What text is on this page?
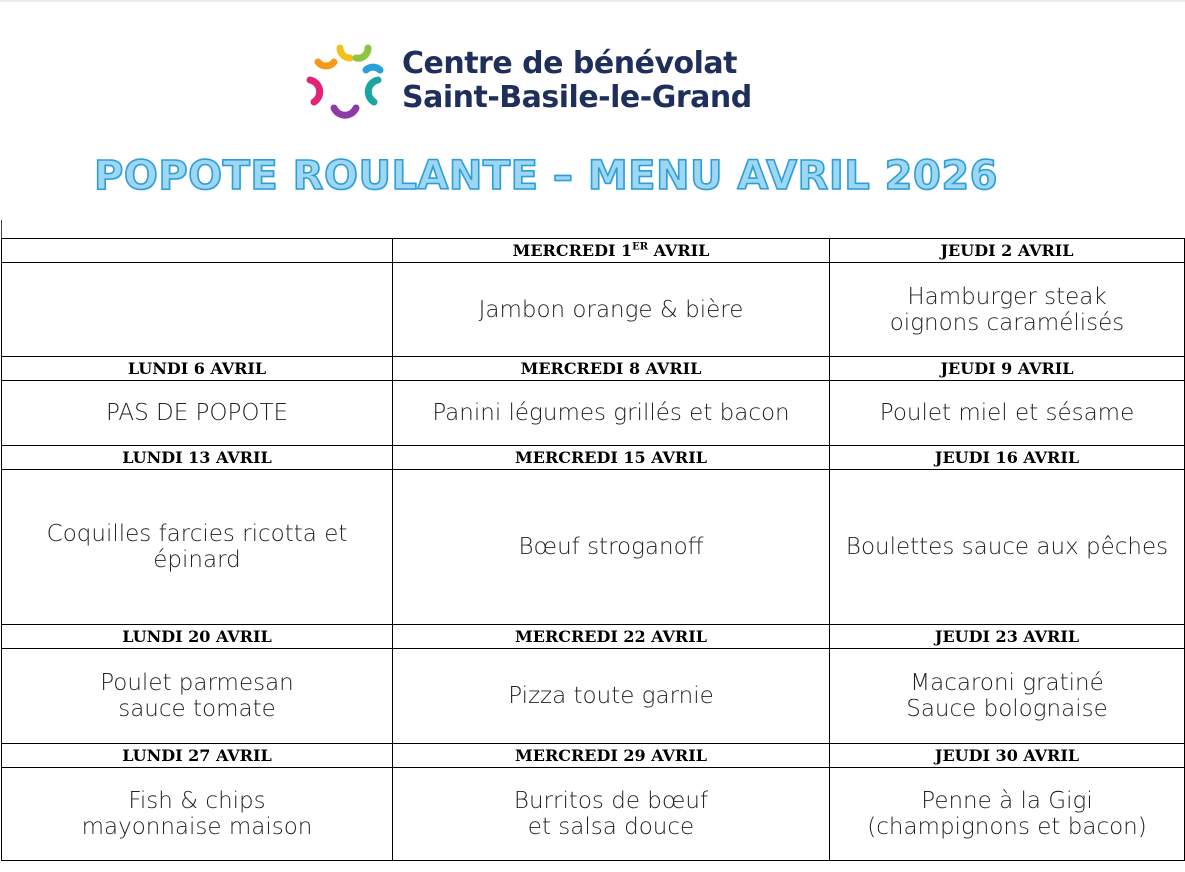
Centre de bénévolat
Saint-Basile-le-Grand
POPOTE ROULANTE – MENU AVRIL 2026
	MERCREDI 1ER AVRIL	JEUDI 2 AVRIL
	Jambon orange & bière	Hamburger steak
oignons caramélisés
LUNDI 6 AVRIL	MERCREDI 8 AVRIL	JEUDI 9 AVRIL
PAS DE POPOTE	Panini légumes grillés et bacon	Poulet miel et sésame
LUNDI 13 AVRIL	MERCREDI 15 AVRIL	JEUDI 16 AVRIL
Coquilles farcies ricotta et
épinard	Bœuf stroganoff	Boulettes sauce aux pêches
LUNDI 20 AVRIL	MERCREDI 22 AVRIL	JEUDI 23 AVRIL
Poulet parmesan
sauce tomate	Pizza toute garnie	Macaroni gratiné
Sauce bolognaise
LUNDI 27 AVRIL	MERCREDI 29 AVRIL	JEUDI 30 AVRIL
Fish & chips
mayonnaise maison	Burritos de bœuf
et salsa douce	Penne à la Gigi
(champignons et bacon)
